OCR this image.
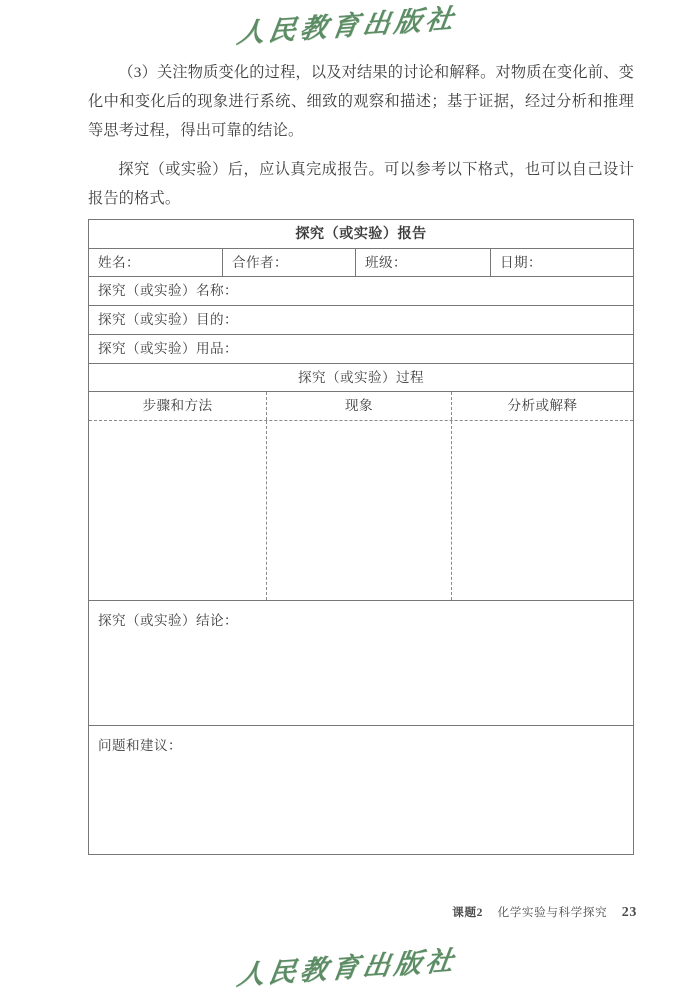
人民教育出版社

（3）关注物质变化的过程，以及对结果的讨论和解释。对物质在变化前、变化中和变化后的现象进行系统、细致的观察和描述；基于证据，经过分析和推理等思考过程，得出可靠的结论。

探究（或实验）后，应认真完成报告。可以参考以下格式，也可以自己设计报告的格式。

探究（或实验）报告
姓名：	合作者：	班级：	日期：
探究（或实验）名称：
探究（或实验）目的：
探究（或实验）用品：
探究（或实验）过程
步骤和方法	现象	分析或解释
探究（或实验）结论：
问题和建议：
课题2 化学实验与科学探究 23
人民教育出版社
